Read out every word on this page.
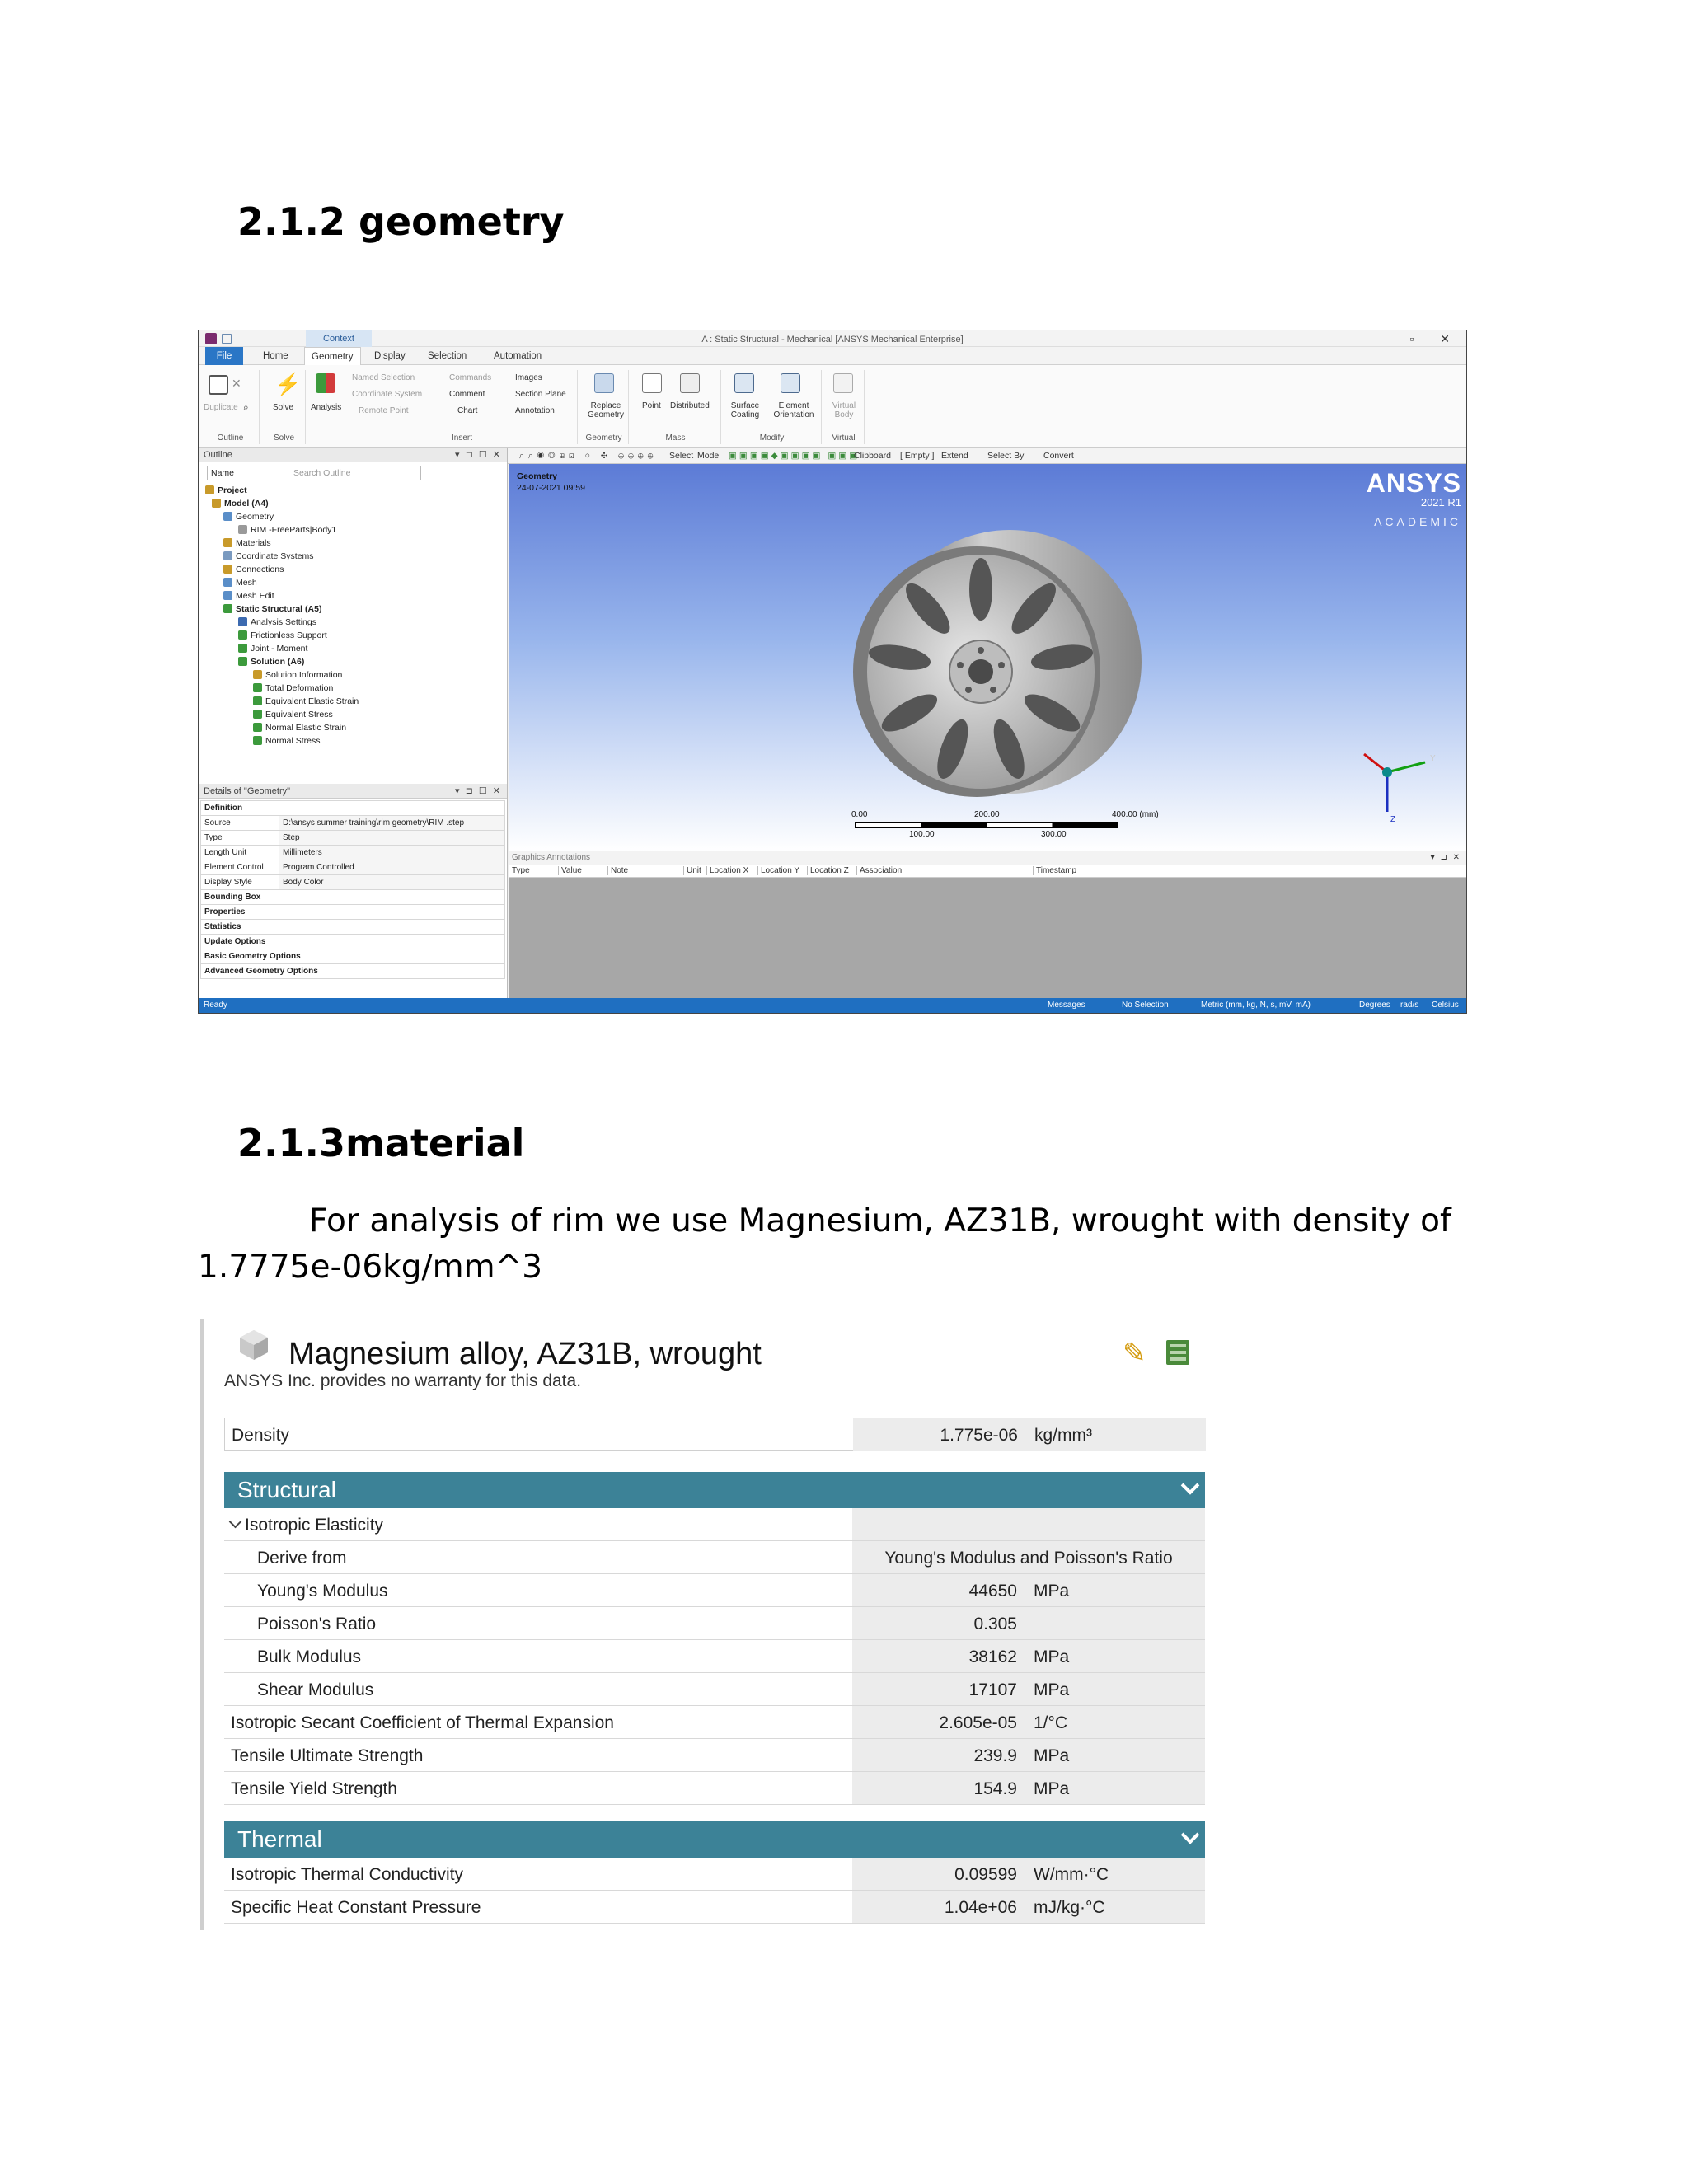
2.1.2 geometry
Context	A : Static Structural - Mechanical [ANSYS Mechanical Enterprise]	– ▫ ✕
File	Home	Geometry	Display	Selection	Automation
✕
Duplicate ⌕
Outline
⚡
Solve
Solve
Analysis
Named Selection
Coordinate System
Remote Point
Commands
Comment
Chart
Images
Section Plane
Annotation
Insert
Replace Geometry
Geometry
Point Distributed
Mass
Surface Coating
Element Orientation
Modify
Virtual Body
Virtual
Outline	▾ ⊐ ☐ ✕
Name	Search Outline
Project
Model (A4)
Geometry
RIM -FreeParts|Body1
Materials
Coordinate Systems
Connections
Mesh
Mesh Edit
Static Structural (A5)
Analysis Settings
Frictionless Support
Joint - Moment
Solution (A6)
Solution Information
Total Deformation
Equivalent Elastic Strain
Equivalent Stress
Normal Elastic Strain
Normal Stress
Details of "Geometry"	▾ ⊐ ☐ ✕
Definition	
Source	D:\ansys summer training\rim geometry\RIM .step
Type	Step
Length Unit	Millimeters
Element Control	Program Controlled
Display Style	Body Color
Bounding Box	
Properties	
Statistics	
Update Options	
Basic Geometry Options	
Advanced Geometry Options	
⌕⌕◉◎⊞⊡ ○ ✣ ⊕⊕⊕⊕ Select Mode ▣▣▣▣◆▣▣▣▣ ▣▣▣
Clipboard [ Empty ] Extend Select By Convert
Geometry
24-07-2021 09:59	ANSYS
2021 R1
ACADEMIC
0.00	200.00	400.00 (mm)
100.00	300.00
Y
Z
Graphics Annotations	▾ ⊐ ✕
Type	Value	Note	Unit	Location X	Location Y	Location Z	Association	Timestamp
Ready	Messages	No Selection	Metric (mm, kg, N, s, mV, mA)	Degrees rad/s Celsius
2.1.3material
For analysis of rim we use Magnesium, AZ31B, wrought with density of
1.7775e-06kg/mm^3
Magnesium alloy, AZ31B, wrought
ANSYS Inc. provides no warranty for this data.
✎
Density	1.775e-06 kg/mm³
Structural
Isotropic Elasticity
Thermal
Derive from	Young's Modulus and Poisson's Ratio
Young's Modulus	44650 MPa
Poisson's Ratio	0.305
Bulk Modulus	38162 MPa
Shear Modulus	17107 MPa
Isotropic Secant Coefficient of Thermal Expansion	2.605e-05 1/°C
Tensile Ultimate Strength	239.9 MPa
Tensile Yield Strength	154.9 MPa
Isotropic Thermal Conductivity	0.09599 W/mm·°C
Specific Heat Constant Pressure	1.04e+06 mJ/kg·°C
